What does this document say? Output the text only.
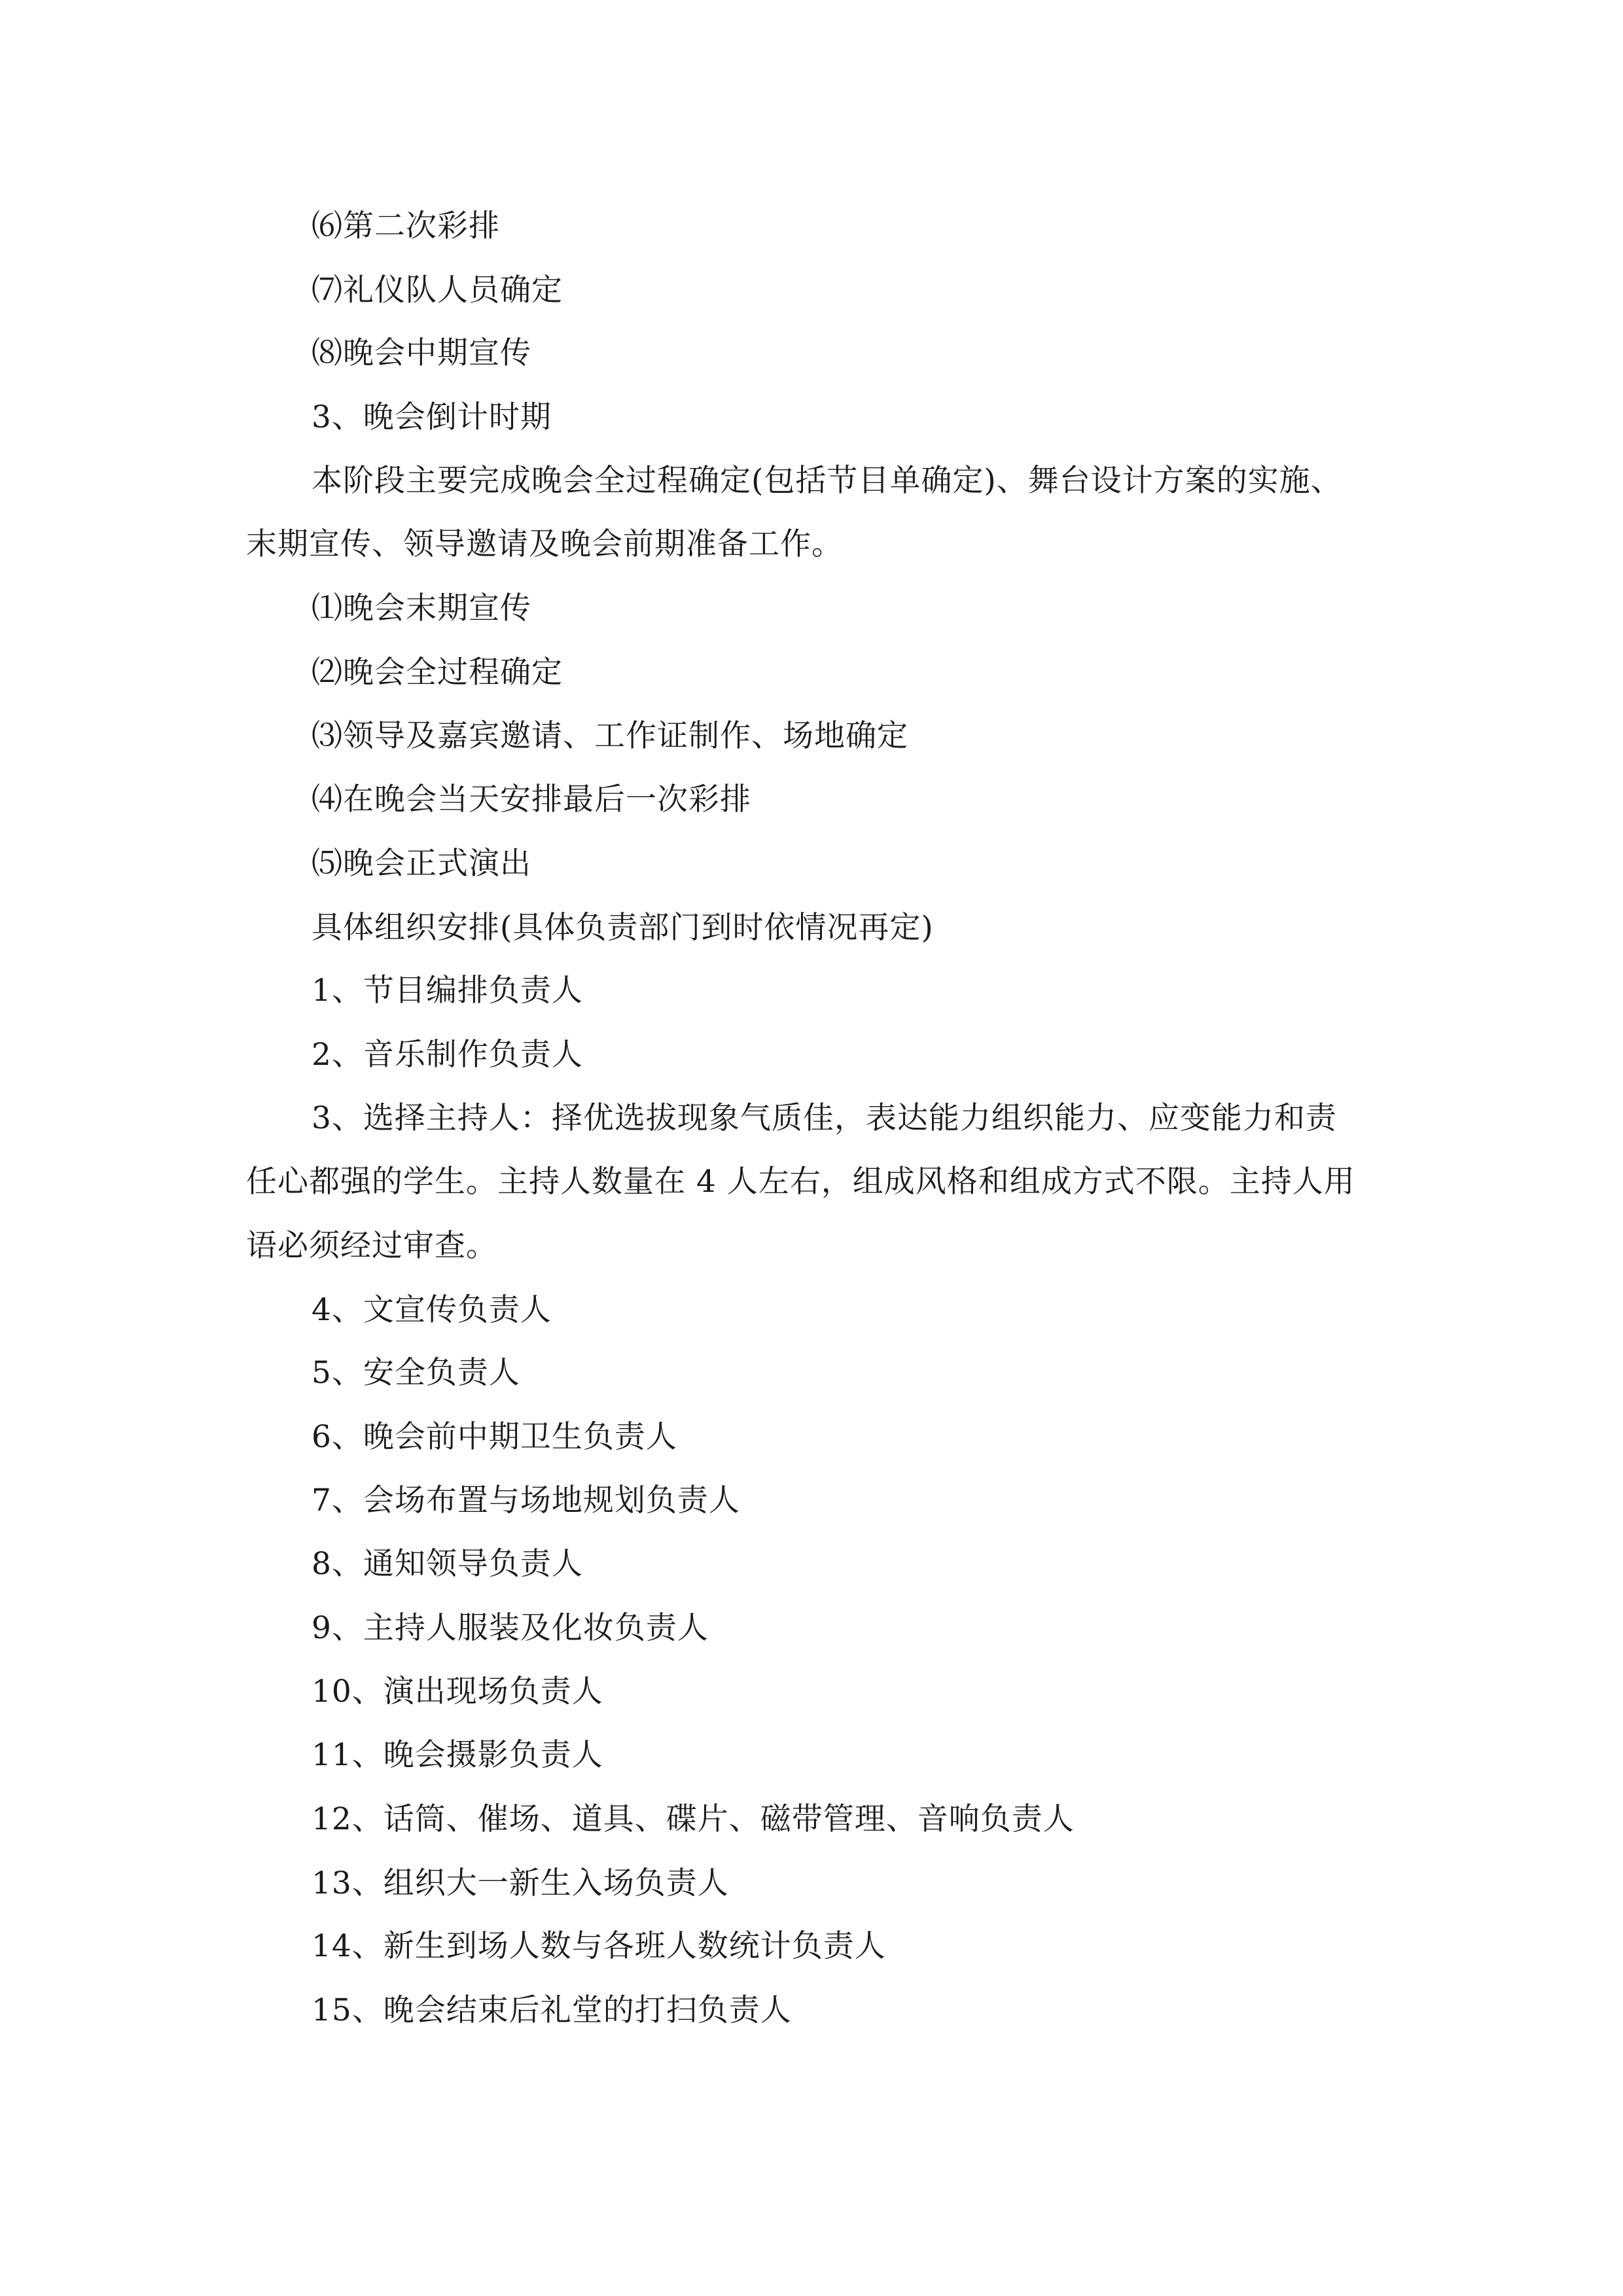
⑹第二次彩排
⑺礼仪队人员确定
⑻晚会中期宣传
3、晚会倒计时期
本阶段主要完成晚会全过程确定(包括节目单确定)、舞台设计方案的实施、
末期宣传、领导邀请及晚会前期准备工作。
⑴晚会末期宣传
⑵晚会全过程确定
⑶领导及嘉宾邀请、工作证制作、场地确定
⑷在晚会当天安排最后一次彩排
⑸晚会正式演出
具体组织安排(具体负责部门到时依情况再定)
1、节目编排负责人
2、音乐制作负责人
3、选择主持人：择优选拔现象气质佳，表达能力组织能力、应变能力和责
任心都强的学生。主持人数量在 4 人左右，组成风格和组成方式不限。主持人用
语必须经过审查。
4、文宣传负责人
5、安全负责人
6、晚会前中期卫生负责人
7、会场布置与场地规划负责人
8、通知领导负责人
9、主持人服装及化妆负责人
10、演出现场负责人
11、晚会摄影负责人
12、话筒、催场、道具、碟片、磁带管理、音响负责人
13、组织大一新生入场负责人
14、新生到场人数与各班人数统计负责人
15、晚会结束后礼堂的打扫负责人
